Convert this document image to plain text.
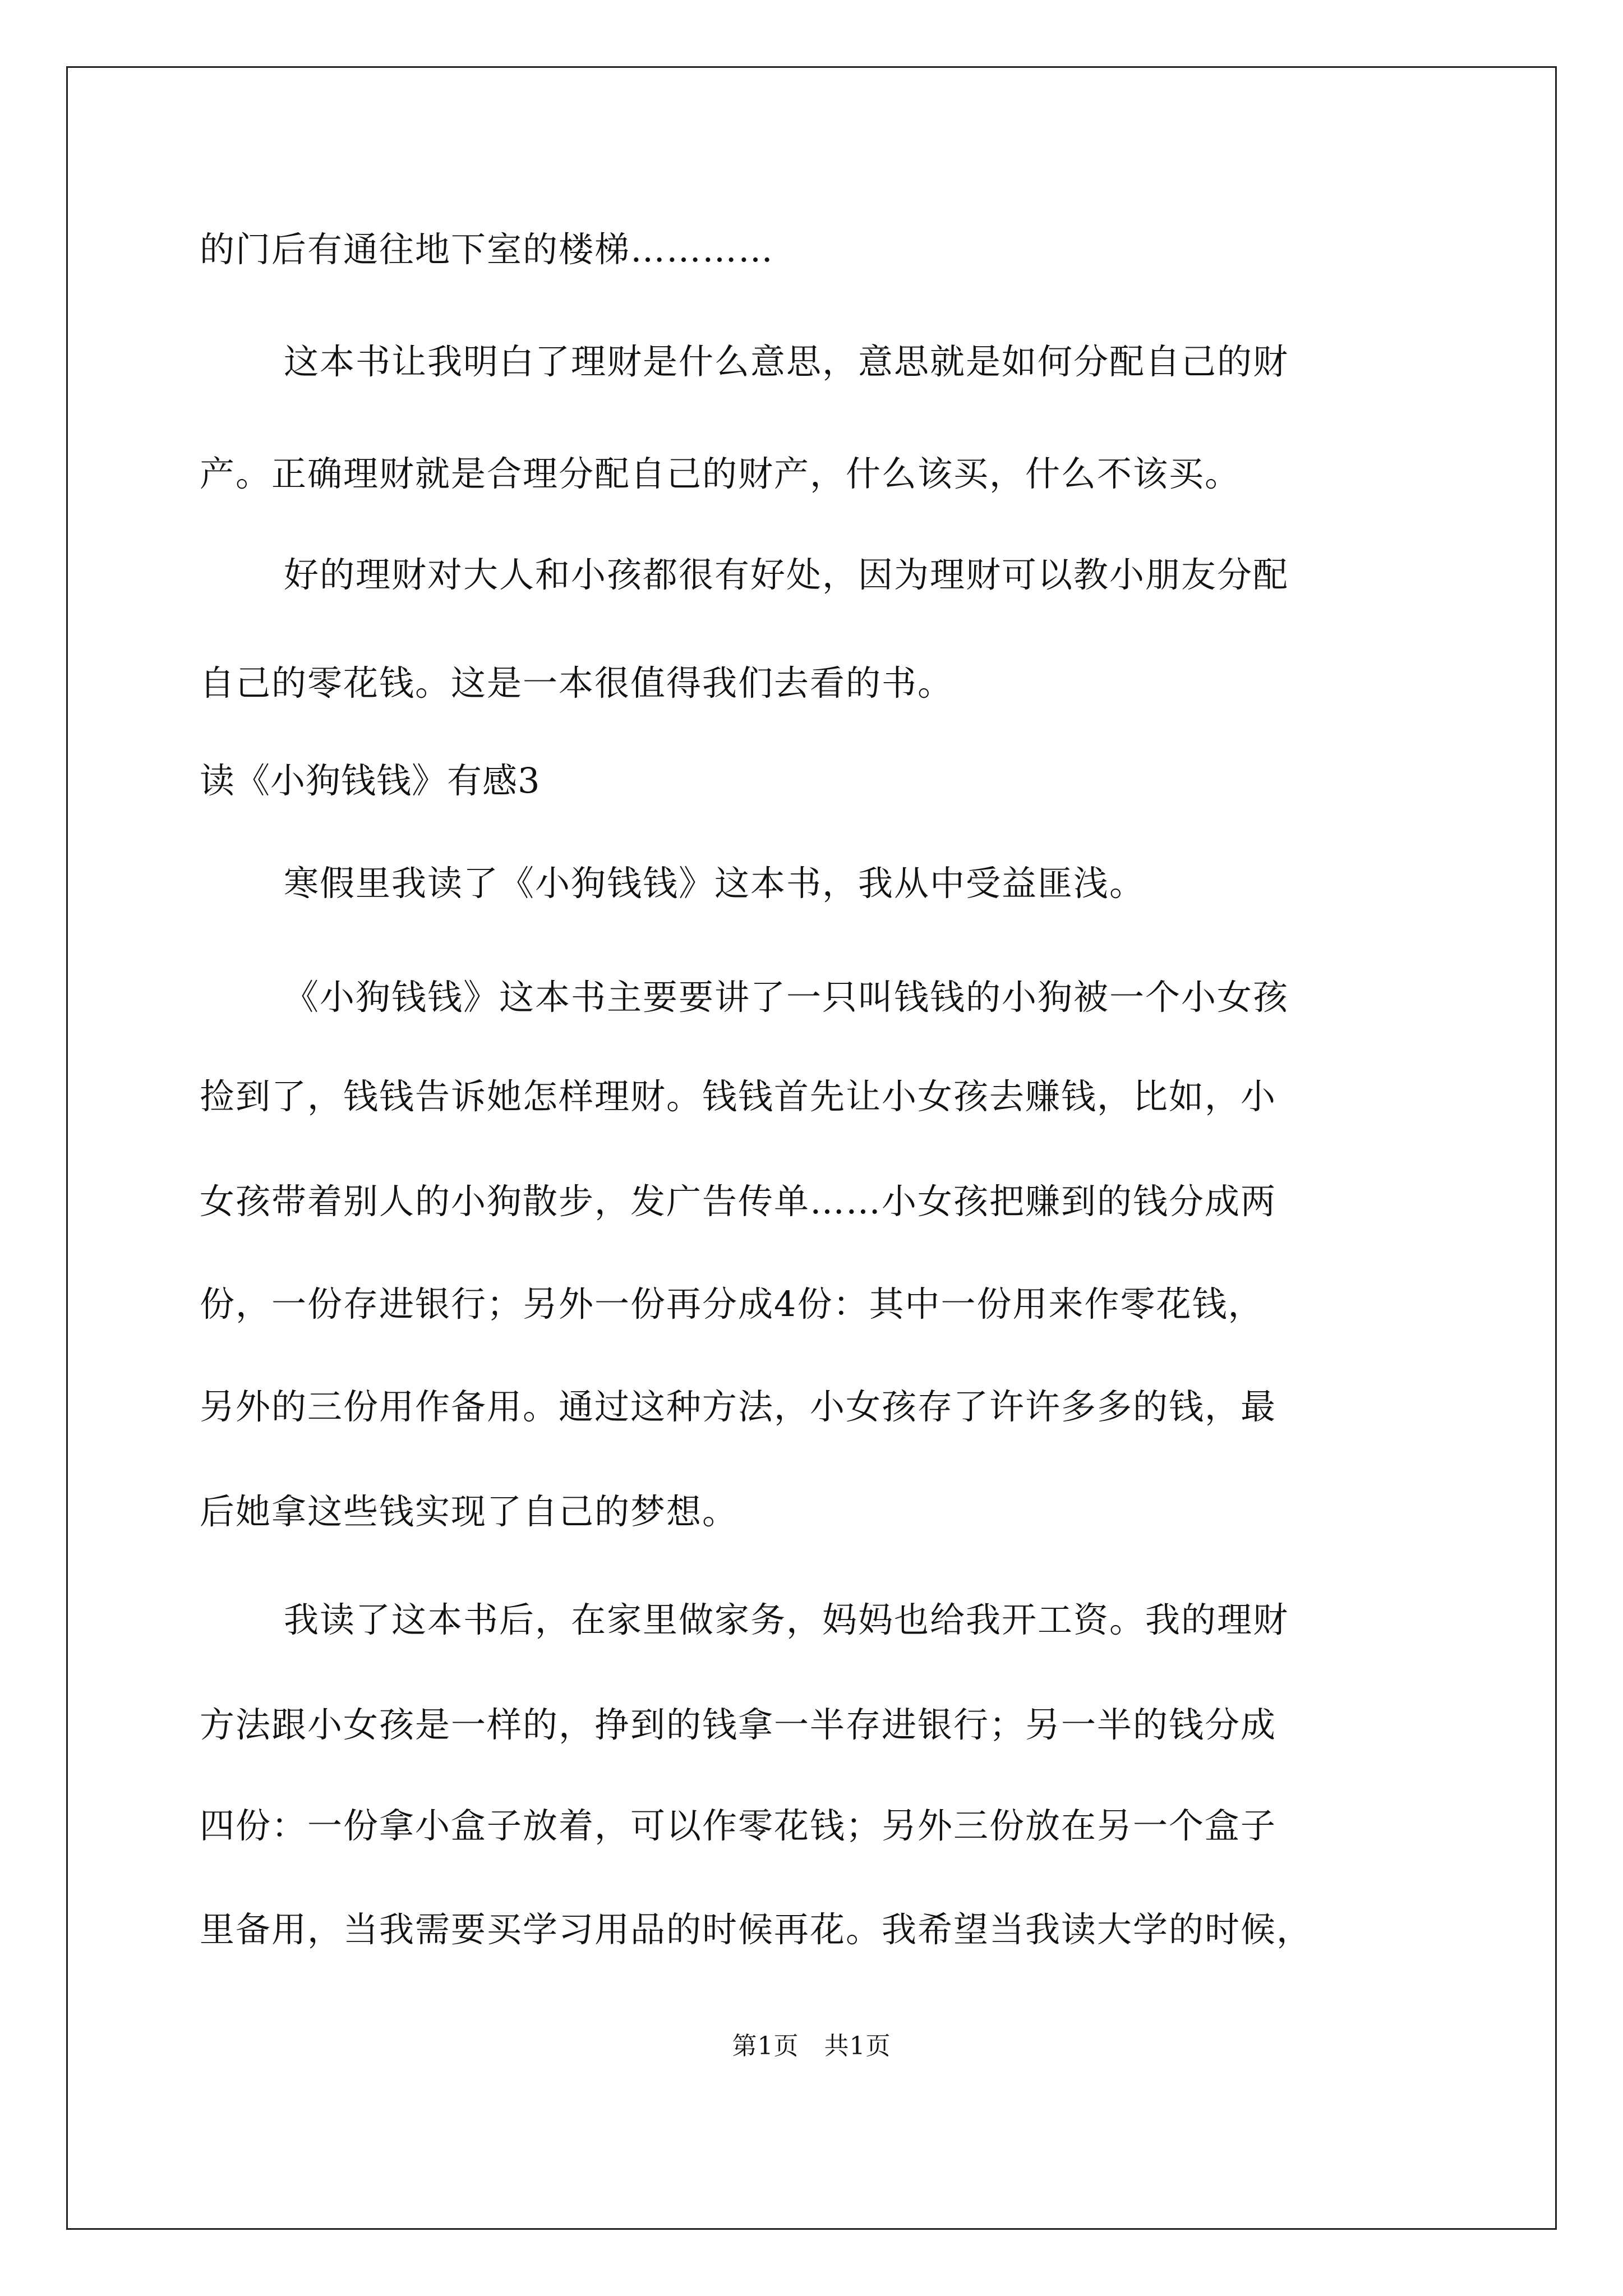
的门后有通往地下室的楼梯…………
这本书让我明白了理财是什么意思，意思就是如何分配自己的财
产。正确理财就是合理分配自己的财产，什么该买，什么不该买。
好的理财对大人和小孩都很有好处，因为理财可以教小朋友分配
自己的零花钱。这是一本很值得我们去看的书。
读《小狗钱钱》有感3
寒假里我读了《小狗钱钱》这本书，我从中受益匪浅。
《小狗钱钱》这本书主要要讲了一只叫钱钱的小狗被一个小女孩
捡到了，钱钱告诉她怎样理财。钱钱首先让小女孩去赚钱，比如，小
女孩带着别人的小狗散步，发广告传单……小女孩把赚到的钱分成两
份，一份存进银行；另外一份再分成4份：其中一份用来作零花钱，
另外的三份用作备用。通过这种方法，小女孩存了许许多多的钱，最
后她拿这些钱实现了自己的梦想。
我读了这本书后，在家里做家务，妈妈也给我开工资。我的理财
方法跟小女孩是一样的，挣到的钱拿一半存进银行；另一半的钱分成
四份：一份拿小盒子放着，可以作零花钱；另外三份放在另一个盒子
里备用，当我需要买学习用品的时候再花。我希望当我读大学的时候，
第1页　共1页
